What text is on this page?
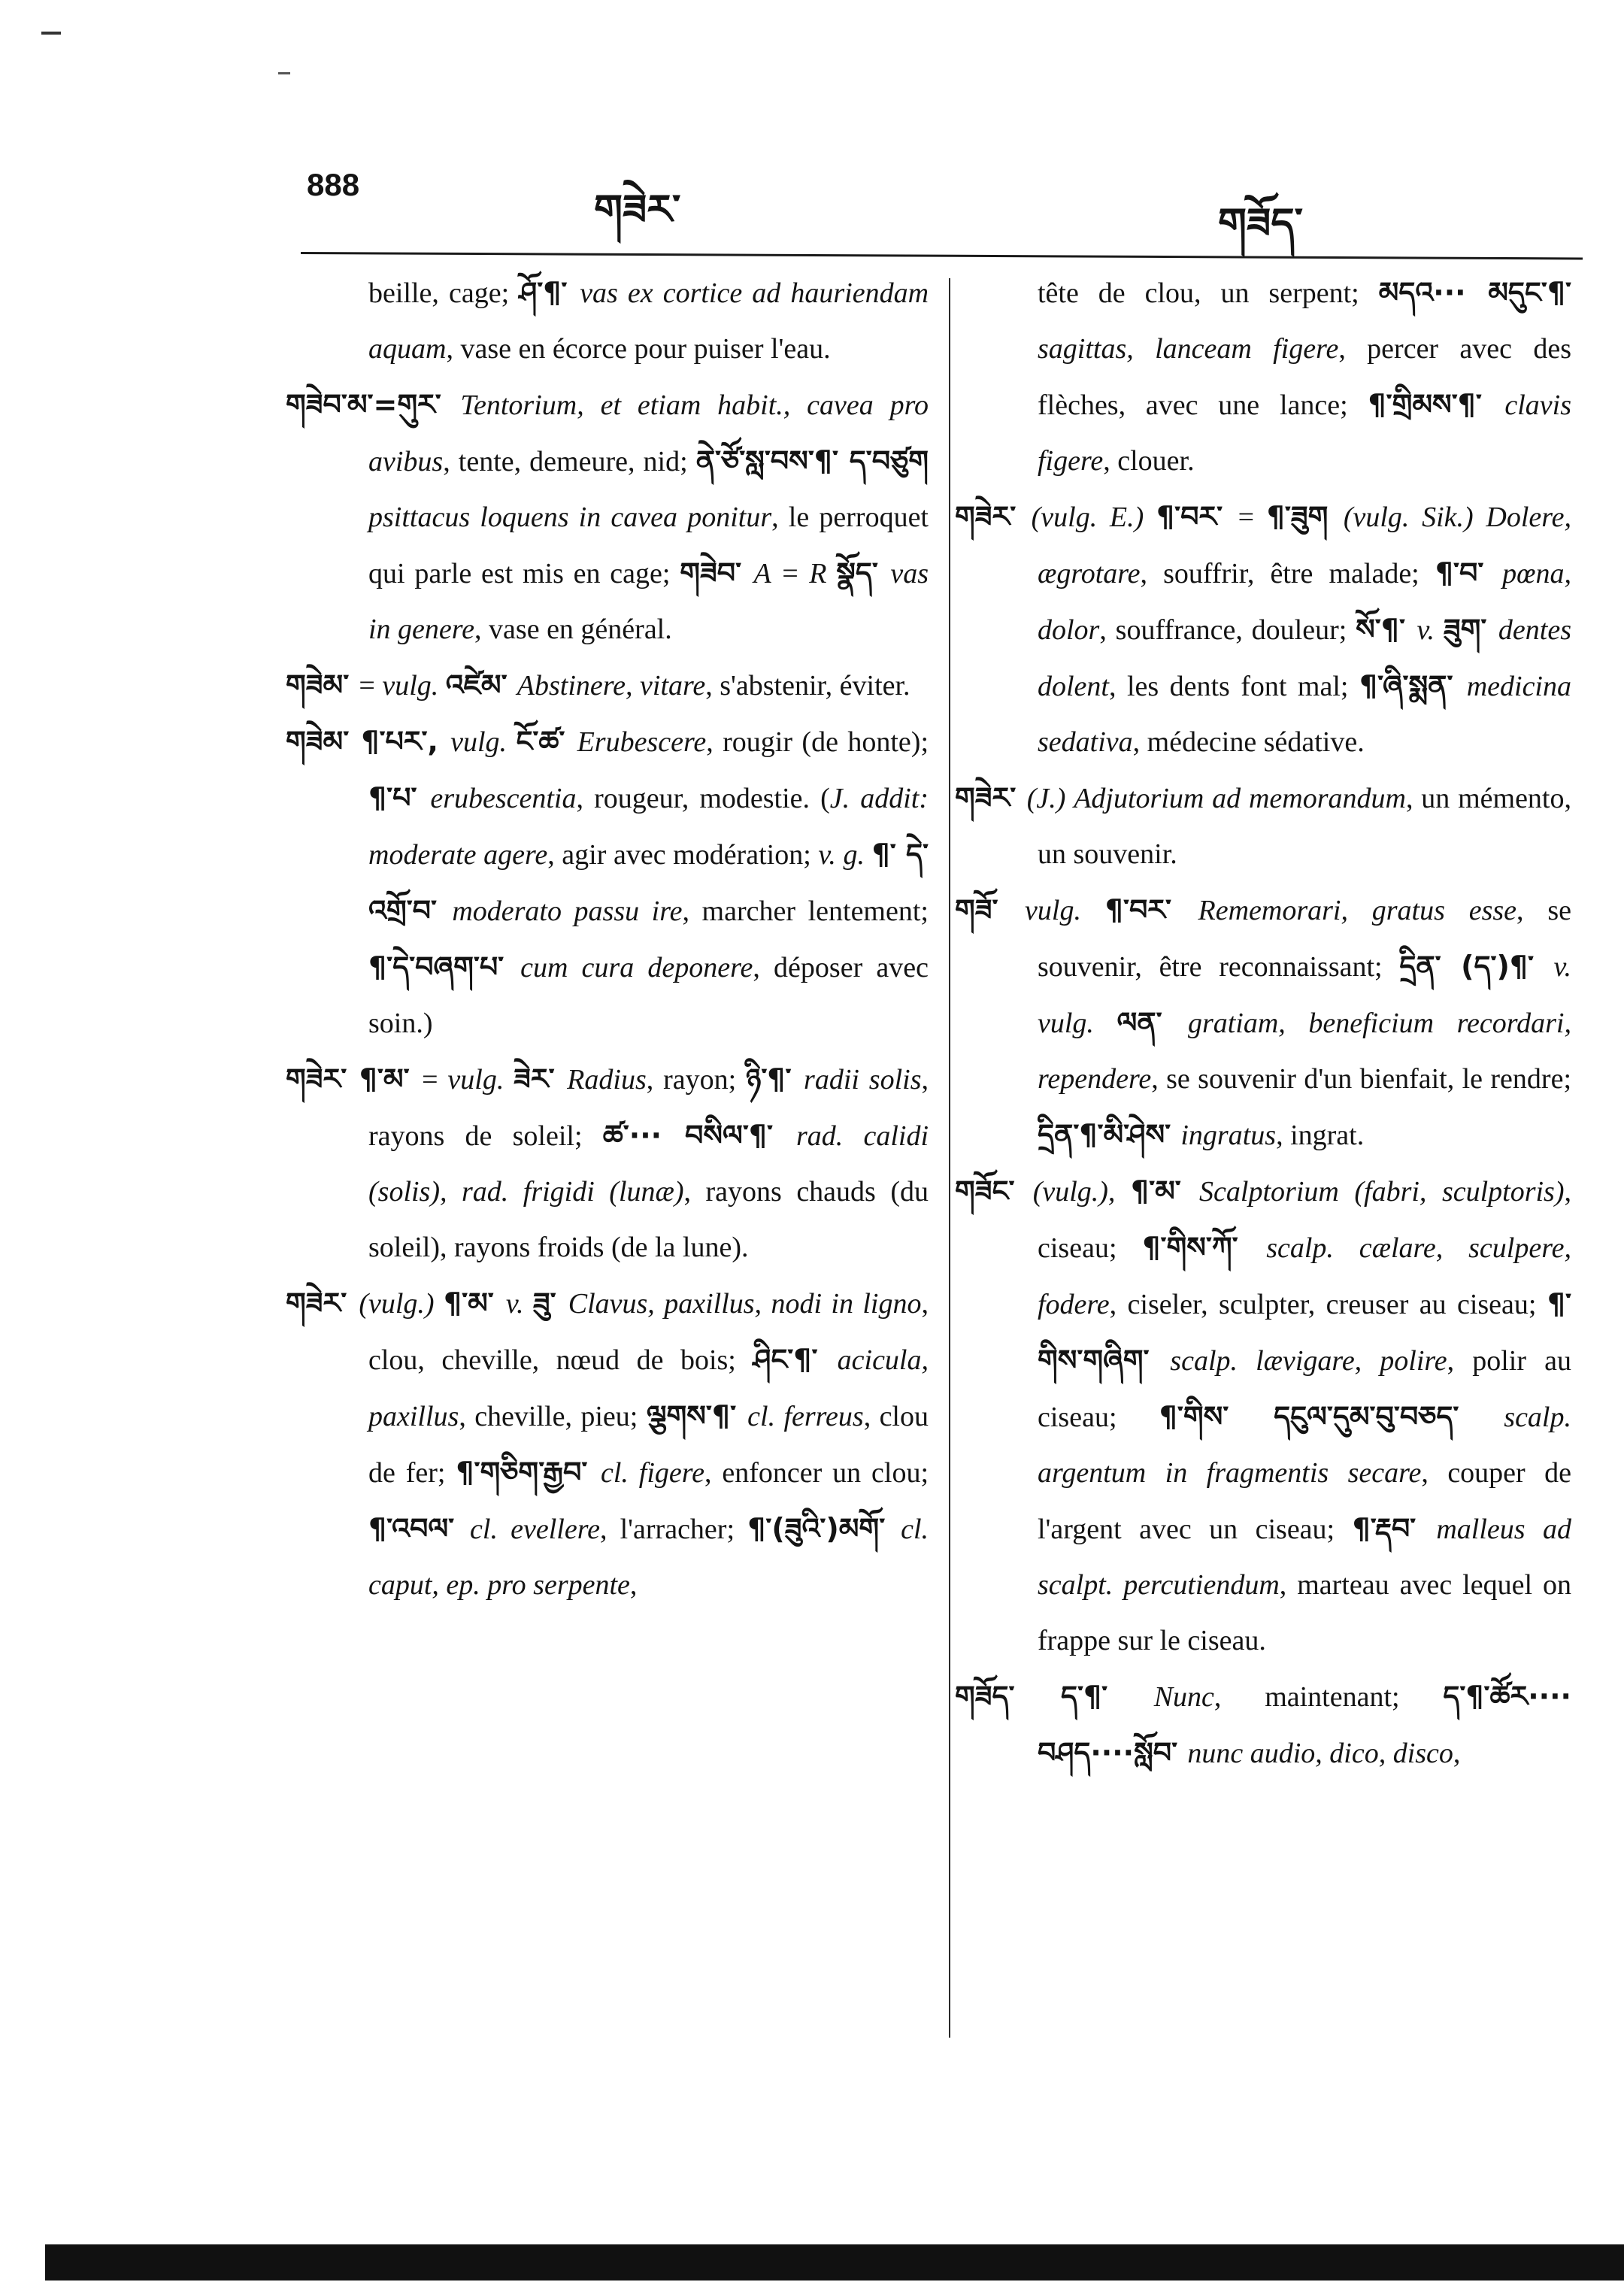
888
གཟེར་	གཟོད་

beille, cage; ཤོ་¶་ vas ex cortice ad hauriendam aquam, vase en écorce pour puiser l'eau.

གཟེབ་མ་=གུར་ Tentorium, et etiam habit., cavea pro avibus, tente, demeure, nid; ནེ་ཙོ་སླ་བས་¶་ ད་བཙུག psittacus loquens in cavea ponitur, le perroquet qui parle est mis en cage; གཟེབ་ A = R སྣོད་ vas in genere, vase en général.

གཟེམ་ = vulg. འཛེམ་ Abstinere, vitare, s'abstenir, éviter.

གཟེམ་ ¶་པར་, vulg. ངོ་ཚ་ Erubescere, rougir (de honte); ¶་པ་ erubescentia, rougeur, modestie. (J. addit: moderate agere, agir avec modération; v. g. ¶་ དེ་འགྲོ་བ་ moderato passu ire, marcher lentement; ¶་དེ་བཞག་པ་ cum cura deponere, déposer avec soin.)

གཟེར་ ¶་མ་ = vulg. ཟེར་ Radius, rayon; ཉི་¶་ radii solis, rayons de soleil; ཚ་··· བསིལ་¶་ rad. calidi (solis), rad. frigidi (lunæ), rayons chauds (du soleil), rayons froids (de la lune).

གཟེར་ (vulg.) ¶་མ་ v. ཟུ་ Clavus, paxillus, nodi in ligno, clou, cheville, nœud de bois; ཤིང་¶་ acicula, paxillus, cheville, pieu; ལྕགས་¶་ cl. ferreus, clou de fer; ¶་གཅིག་རྒྱབ་ cl. figere, enfoncer un clou; ¶་འབལ་ cl. evellere, l'arracher; ¶་(ཟུའི་)མགོ་ cl. caput, ep. pro serpente,

tête de clou, un serpent; མདའ··· མདུང་¶་ sagittas, lanceam figere, percer avec des flèches, avec une lance; ¶་གྲིམས་¶་ clavis figere, clouer.

གཟེར་ (vulg. E.) ¶་བར་ = ¶་ཟུག (vulg. Sik.) Dolere, ægrotare, souffrir, être malade; ¶་བ་ pœna, dolor, souffrance, douleur; སོ་¶་ v. ཟུག་ dentes dolent, les dents font mal; ¶་ཞི་སྨན་ medicina sedativa, médecine sédative.

གཟེར་ (J.) Adjutorium ad memorandum, un mémento, un souvenir.

གཟོ་ vulg. ¶་བར་ Rememorari, gratus esse, se souvenir, être reconnaissant; དྲིན་ (ད་)¶་ v. vulg. ལན་ gratiam, beneficium recordari, rependere, se souvenir d'un bienfait, le rendre; དྲིན་¶་མི་ཤེས་ ingratus, ingrat.

གཟོང་ (vulg.), ¶་མ་ Scalptorium (fabri, sculptoris), ciseau; ¶་གིས་ཀོ་ scalp. cælare, sculpere, fodere, ciseler, sculpter, creuser au ciseau; ¶་གིས་གཞིག་ scalp. lævigare, polire, polir au ciseau; ¶་གིས་ དངུལ་དུམ་བུ་བཅད་ scalp. argentum in fragmentis secare, couper de l'argent avec un ciseau; ¶་རྡབ་ malleus ad scalpt. percutiendum, marteau avec lequel on frappe sur le ciseau.

གཟོད་ ད་¶་ Nunc, maintenant; ད་¶་ཚོར···· བཤད····སློབ་ nunc audio, dico, disco,
